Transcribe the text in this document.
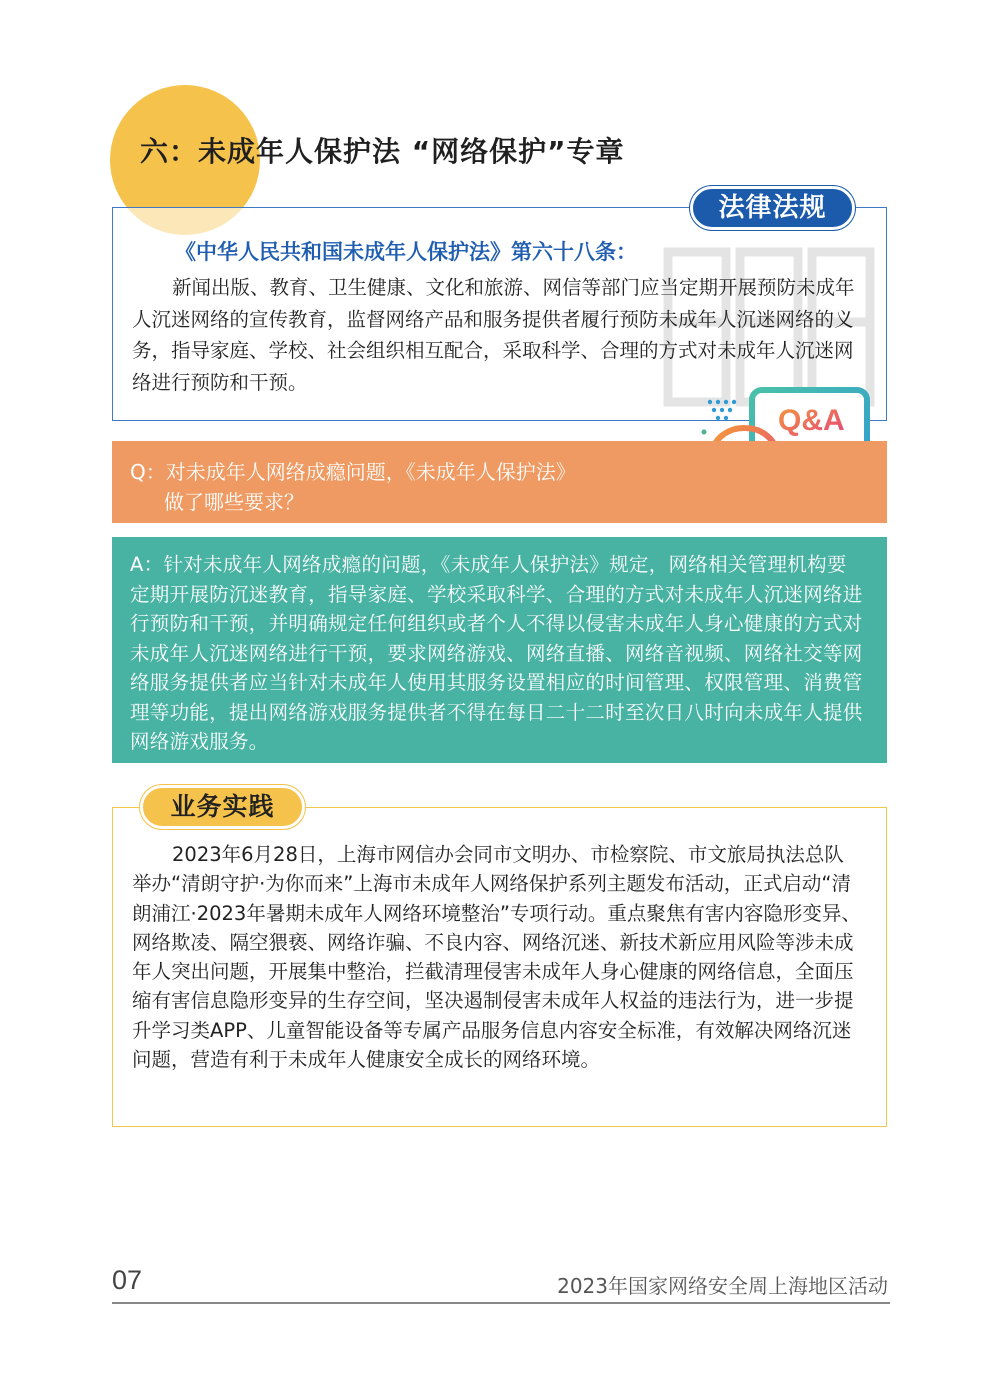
六：未成年人保护法 “网络保护”专章
法律法规
《中华人民共和国未成年人保护法》第六十八条：
新闻出版、教育、卫生健康、文化和旅游、网信等部门应当定期开展预防未成年人沉迷网络的宣传教育，监督网络产品和服务提供者履行预防未成年人沉迷网络的义务，指导家庭、学校、社会组织相互配合，采取科学、合理的方式对未成年人沉迷网络进行预防和干预。
Q&A
Q：对未成年人网络成瘾问题，《未成年人保护法》
做了哪些要求？
A：针对未成年人网络成瘾的问题，《未成年人保护法》规定，网络相关管理机构要定期开展防沉迷教育，指导家庭、学校采取科学、合理的方式对未成年人沉迷网络进行预防和干预，并明确规定任何组织或者个人不得以侵害未成年人身心健康的方式对未成年人沉迷网络进行干预，要求网络游戏、网络直播、网络音视频、网络社交等网络服务提供者应当针对未成年人使用其服务设置相应的时间管理、权限管理、消费管理等功能，提出网络游戏服务提供者不得在每日二十二时至次日八时向未成年人提供网络游戏服务。
业务实践
2023年6月28日，上海市网信办会同市文明办、市检察院、市文旅局执法总队举办“清朗守护·为你而来”上海市未成年人网络保护系列主题发布活动，正式启动“清朗浦江·2023年暑期未成年人网络环境整治”专项行动。重点聚焦有害内容隐形变异、网络欺凌、隔空猥亵、网络诈骗、不良内容、网络沉迷、新技术新应用风险等涉未成年人突出问题，开展集中整治，拦截清理侵害未成年人身心健康的网络信息，全面压缩有害信息隐形变异的生存空间，坚决遏制侵害未成年人权益的违法行为，进一步提升学习类APP、儿童智能设备等专属产品服务信息内容安全标准，有效解决网络沉迷问题，营造有利于未成年人健康安全成长的网络环境。
07	2023年国家网络安全周上海地区活动
